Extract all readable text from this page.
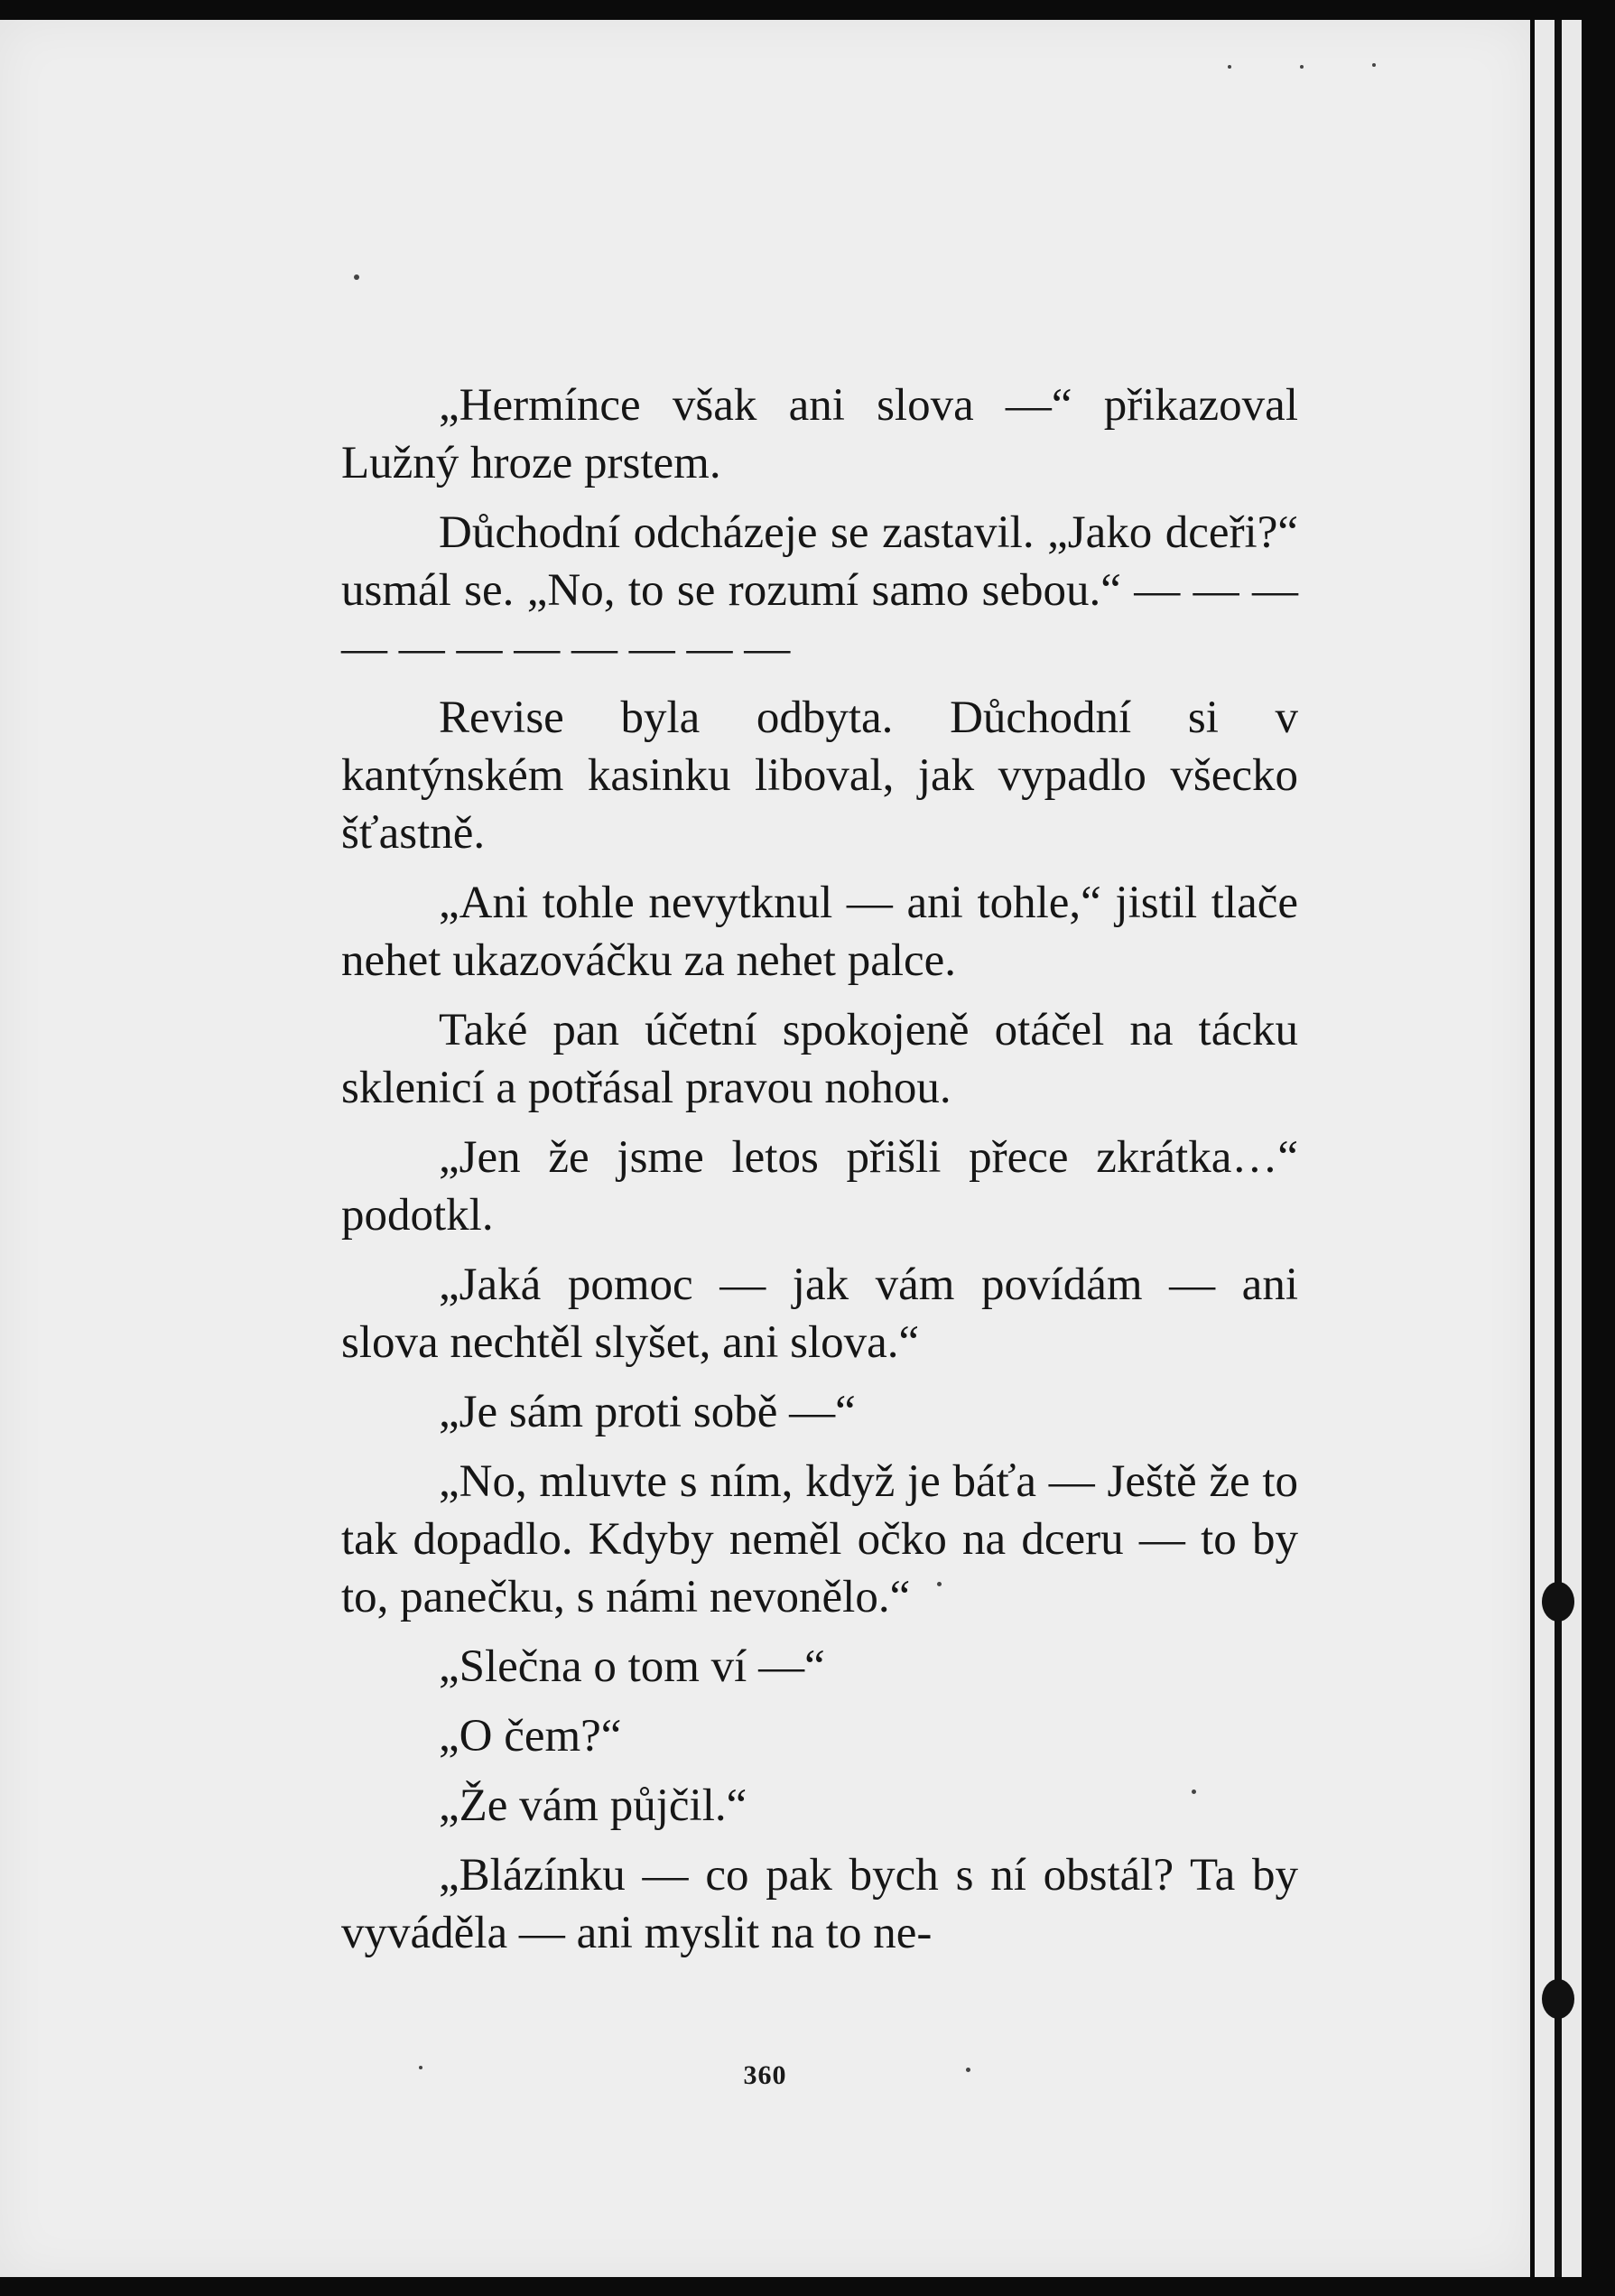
„Hermínce však ani slova —“ přikazoval Lužný hroze prstem.

Důchodní odcházeje se zastavil. „Jako dceři?“ usmál se. „No, to se rozumí samo sebou.“ — — — — — — — — — — —

Revise byla odbyta. Důchodní si v kantýnském kasinku liboval, jak vypadlo všecko šťastně.

„Ani tohle nevytknul — ani tohle,“ jistil tlače nehet ukazováčku za nehet palce.

Také pan účetní spokojeně otáčel na tácku sklenicí a potřásal pravou nohou.

„Jen že jsme letos přišli přece zkrátka…“ podotkl.

„Jaká pomoc — jak vám povídám — ani slova nechtěl slyšet, ani slova.“

„Je sám proti sobě —“

„No, mluvte s ním, když je báťa — Ještě že to tak dopadlo. Kdyby neměl očko na dceru — to by to, panečku, s námi nevonělo.“

„Slečna o tom ví —“

„O čem?“

„Že vám půjčil.“

„Blázínku — co pak bych s ní obstál? Ta by vyváděla — ani myslit na to ne-

360
